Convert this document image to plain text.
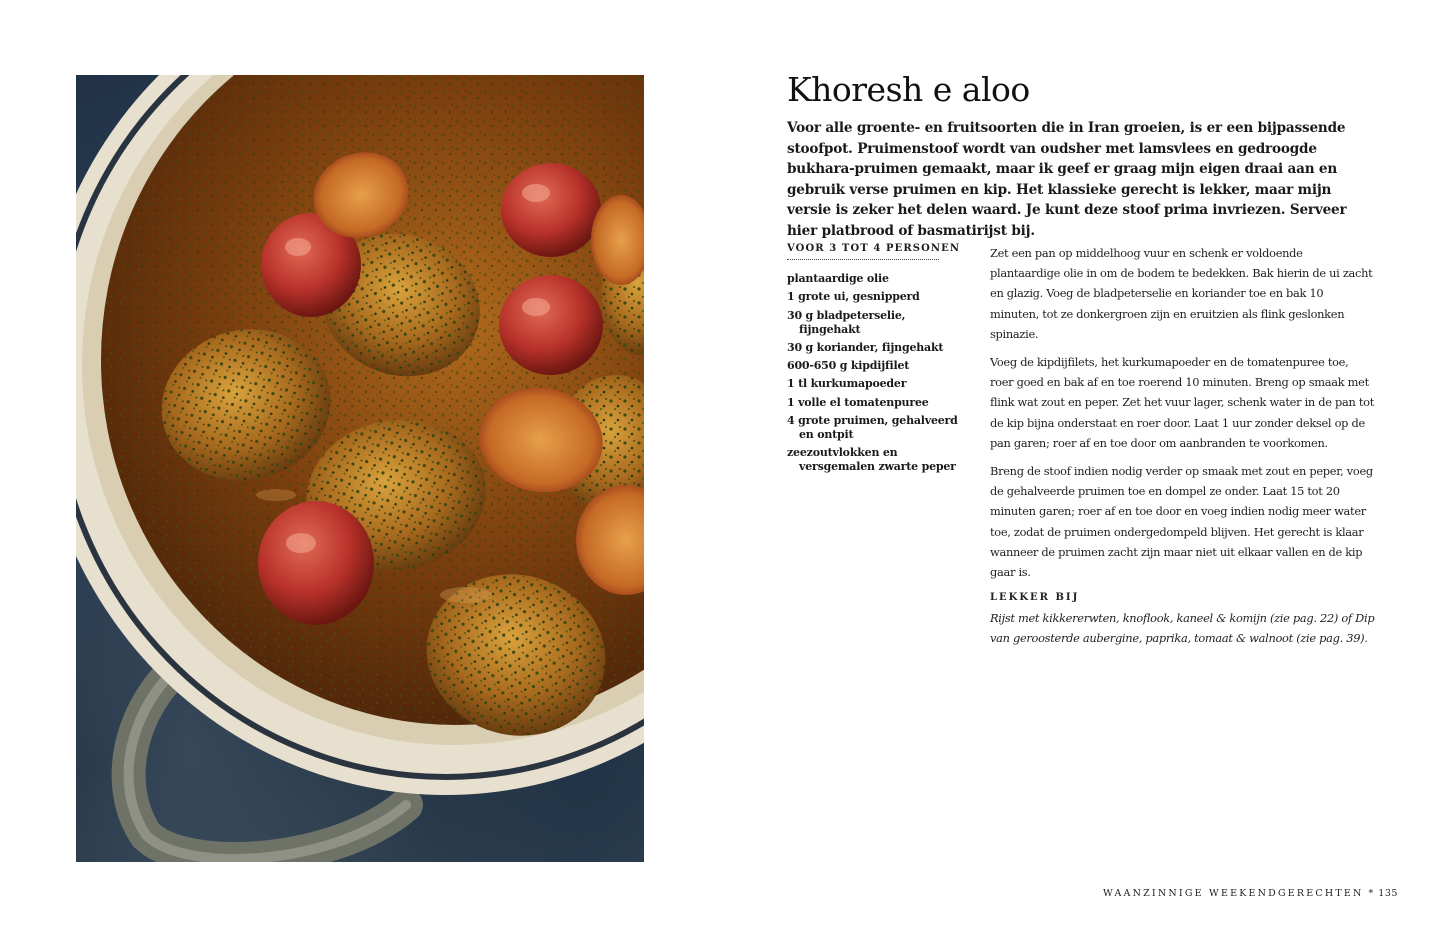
Khoresh e aloo

Voor alle groente- en fruitsoorten die in Iran groeien, is er een bijpassende stoofpot. Pruimenstoof wordt van oudsher met lamsvlees en gedroogde bukhara-pruimen gemaakt, maar ik geef er graag mijn eigen draai aan en gebruik verse pruimen en kip. Het klassieke gerecht is lekker, maar mijn versie is zeker het delen waard. Je kunt deze stoof prima invriezen. Serveer hier platbrood of basmatirijst bij.

VOOR 3 TOT 4 PERSONEN
plantaardige olie
1 grote ui, gesnipperd
30 g bladpeterselie, fijngehakt
30 g koriander, fijngehakt
600-650 g kipdijfilet
1 tl kurkumapoeder
1 volle el tomatenpuree
4 grote pruimen, gehalveerd en ontpit
zeezoutvlokken en versgemalen zwarte peper

Zet een pan op middelhoog vuur en schenk er voldoende plantaardige olie in om de bodem te bedekken. Bak hierin de ui zacht en glazig. Voeg de bladpeterselie en koriander toe en bak 10 minuten, tot ze donkergroen zijn en eruitzien als flink geslonken spinazie.

Voeg de kipdijfilets, het kurkumapoeder en de tomatenpuree toe, roer goed en bak af en toe roerend 10 minuten. Breng op smaak met flink wat zout en peper. Zet het vuur lager, schenk water in de pan tot de kip bijna onderstaat en roer door. Laat 1 uur zonder deksel op de pan garen; roer af en toe door om aanbranden te voorkomen.

Breng de stoof indien nodig verder op smaak met zout en peper, voeg de gehalveerde pruimen toe en dompel ze onder. Laat 15 tot 20 minuten garen; roer af en toe door en voeg indien nodig meer water toe, zodat de pruimen ondergedompeld blijven. Het gerecht is klaar wanneer de pruimen zacht zijn maar niet uit elkaar vallen en de kip gaar is.

LEKKER BIJ
Rijst met kikkererwten, knoflook, kaneel & komijn (zie pag. 22) of Dip van geroosterde aubergine, paprika, tomaat & walnoot (zie pag. 39).
WAANZINNIGE WEEKENDGERECHTEN * 135
